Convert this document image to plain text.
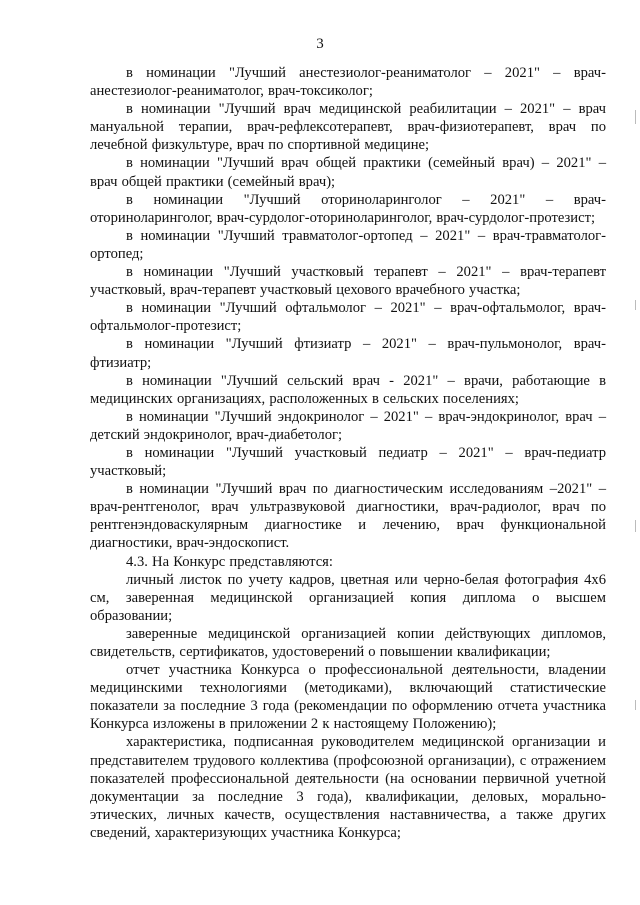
3

в номинации "Лучший анестезиолог-реаниматолог – 2021" – врач-анестезиолог-реаниматолог, врач-токсиколог;

в номинации "Лучший врач медицинской реабилитации – 2021" – врач мануальной терапии, врач-рефлексотерапевт, врач-физиотерапевт, врач по лечебной физкультуре, врач по спортивной медицине;

в номинации "Лучший врач общей практики (семейный врач) – 2021" – врач общей практики (семейный врач);

в номинации "Лучший оториноларинголог – 2021" – врач-оториноларинголог, врач-сурдолог-оториноларинголог, врач-сурдолог-протезист;

в номинации "Лучший травматолог-ортопед – 2021" – врач-травматолог-ортопед;

в номинации "Лучший участковый терапевт – 2021" – врач-терапевт участковый, врач-терапевт участковый цехового врачебного участка;

в номинации "Лучший офтальмолог – 2021" – врач-офтальмолог, врач-офтальмолог-протезист;

в номинации "Лучший фтизиатр – 2021" – врач-пульмонолог, врач-фтизиатр;

в номинации "Лучший сельский врач - 2021" – врачи, работающие в медицинских организациях, расположенных в сельских поселениях;

в номинации "Лучший эндокринолог – 2021" – врач-эндокринолог, врач – детский эндокринолог, врач-диабетолог;

в номинации "Лучший участковый педиатр – 2021" – врач-педиатр участковый;

в номинации "Лучший врач по диагностическим исследованиям –2021" – врач-рентгенолог, врач ультразвуковой диагностики, врач-радиолог, врач по рентгенэндоваскулярным диагностике и лечению, врач функциональной диагностики, врач-эндоскопист.

4.3. На Конкурс представляются:

личный листок по учету кадров, цветная или черно-белая фотография 4х6 см, заверенная медицинской организацией копия диплома о высшем образовании;

заверенные медицинской организацией копии действующих дипломов, свидетельств, сертификатов, удостоверений о повышении квалификации;

отчет участника Конкурса о профессиональной деятельности, владении медицинскими технологиями (методиками), включающий статистические показатели за последние 3 года (рекомендации по оформлению отчета участника Конкурса изложены в приложении 2 к настоящему Положению);

характеристика, подписанная руководителем медицинской организации и представителем трудового коллектива (профсоюзной организации), с отражением показателей профессиональной деятельности (на основании первичной учетной документации за последние 3 года), квалификации, деловых, морально-этических, личных качеств, осуществления наставничества, а также других сведений, характеризующих участника Конкурса;
